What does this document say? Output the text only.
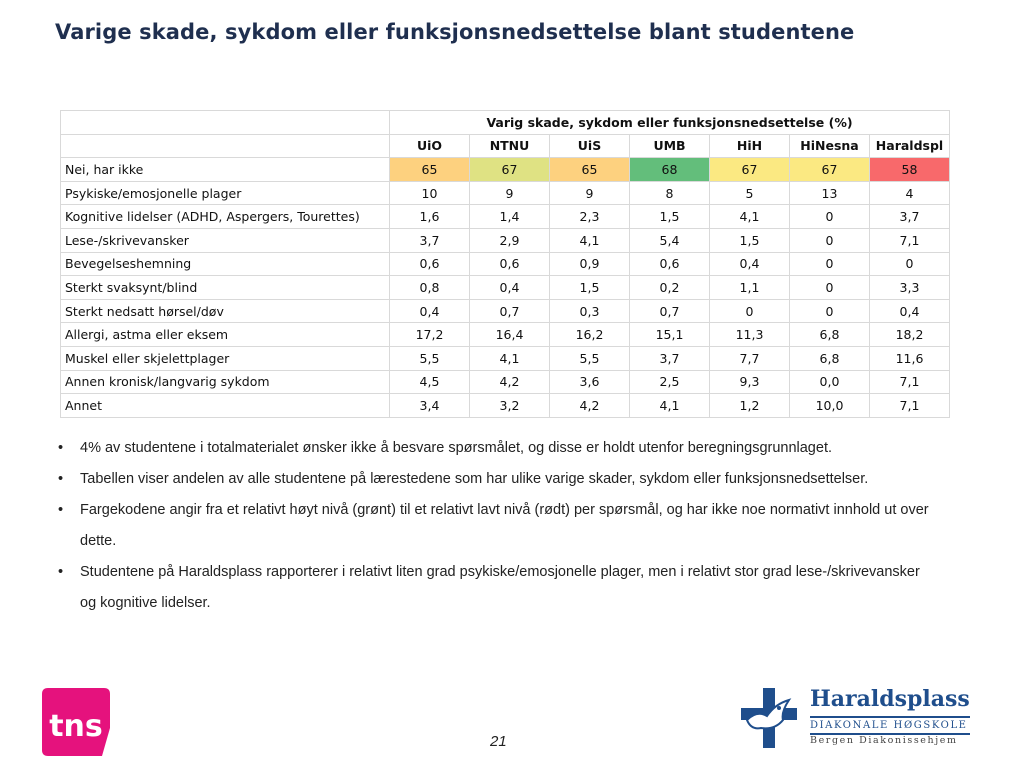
Varige skade, sykdom eller funksjonsnedsettelse blant studentene
	Varig skade, sykdom eller funksjonsnedsettelse (%)						
	UiO	NTNU	UiS	UMB	HiH	HiNesna	Haraldspl
Nei, har ikke	65	67	65	68	67	67	58
Psykiske/emosjonelle plager	10	9	9	8	5	13	4
Kognitive lidelser (ADHD, Aspergers, Tourettes)	1,6	1,4	2,3	1,5	4,1	0	3,7
Lese-/skrivevansker	3,7	2,9	4,1	5,4	1,5	0	7,1
Bevegelseshemning	0,6	0,6	0,9	0,6	0,4	0	0
Sterkt svaksynt/blind	0,8	0,4	1,5	0,2	1,1	0	3,3
Sterkt nedsatt hørsel/døv	0,4	0,7	0,3	0,7	0	0	0,4
Allergi, astma eller eksem	17,2	16,4	16,2	15,1	11,3	6,8	18,2
Muskel eller skjelettplager	5,5	4,1	5,5	3,7	7,7	6,8	11,6
Annen kronisk/langvarig sykdom	4,5	4,2	3,6	2,5	9,3	0,0	7,1
Annet	3,4	3,2	4,2	4,1	1,2	10,0	7,1
•	4% av studentene i totalmaterialet ønsker ikke å besvare spørsmålet, og disse er holdt utenfor beregningsgrunnlaget.
•	Tabellen viser andelen av alle studentene på lærestedene som har ulike varige skader, sykdom eller funksjonsnedsettelser.
•	Fargekodene angir fra et relativt høyt nivå (grønt) til et relativt lavt nivå (rødt) per spørsmål, og har ikke noe normativt innhold ut over dette.
•	Studentene på Haraldsplass rapporterer i relativt liten grad psykiske/emosjonelle plager, men i relativt stor grad lese-/skrivevansker og kognitive lidelser.
tns	21
Haraldsplass
DIAKONALE HØGSKOLE
Bergen Diakonissehjem
